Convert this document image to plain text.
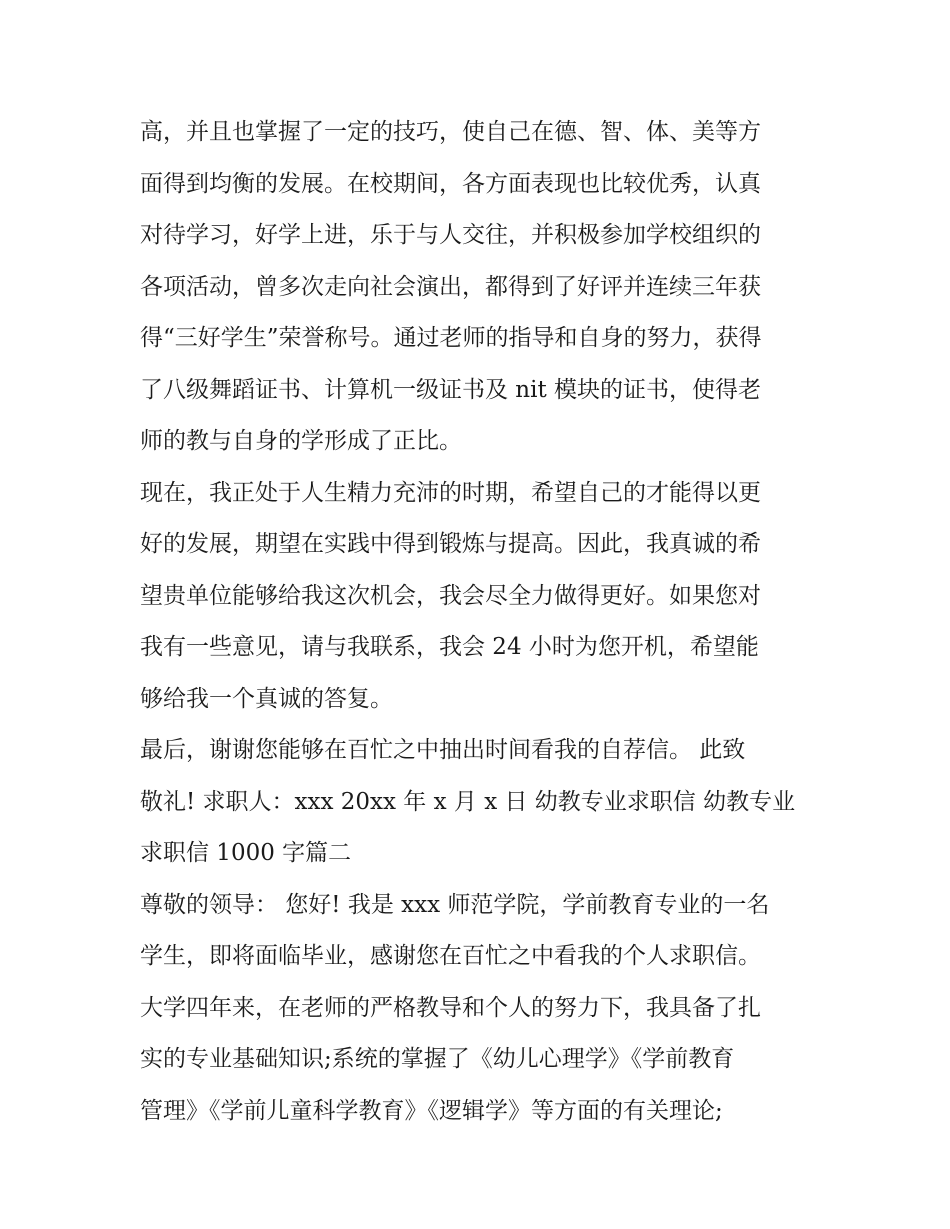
高，并且也掌握了一定的技巧，使自己在德、智、体、美等方
面得到均衡的发展。在校期间，各方面表现也比较优秀，认真
对待学习，好学上进，乐于与人交往，并积极参加学校组织的
各项活动，曾多次走向社会演出，都得到了好评并连续三年获
得“三好学生”荣誉称号。通过老师的指导和自身的努力，获得
了八级舞蹈证书、计算机一级证书及 nit 模块的证书，使得老
师的教与自身的学形成了正比。
现在，我正处于人生精力充沛的时期，希望自己的才能得以更
好的发展，期望在实践中得到锻炼与提高。因此，我真诚的希
望贵单位能够给我这次机会，我会尽全力做得更好。如果您对
我有一些意见，请与我联系，我会 24 小时为您开机，希望能
够给我一个真诚的答复。
最后，谢谢您能够在百忙之中抽出时间看我的自荐信。 此致
敬礼! 求职人：xxx 20xx 年 x 月 x 日 幼教专业求职信 幼教专业
求职信 1000 字篇二
尊敬的领导： 您好! 我是 xxx 师范学院，学前教育专业的一名
学生，即将面临毕业，感谢您在百忙之中看我的个人求职信。
大学四年来，在老师的严格教导和个人的努力下，我具备了扎
实的专业基础知识;系统的掌握了《幼儿心理学》《学前教育
管理》《学前儿童科学教育》《逻辑学》等方面的有关理论;
